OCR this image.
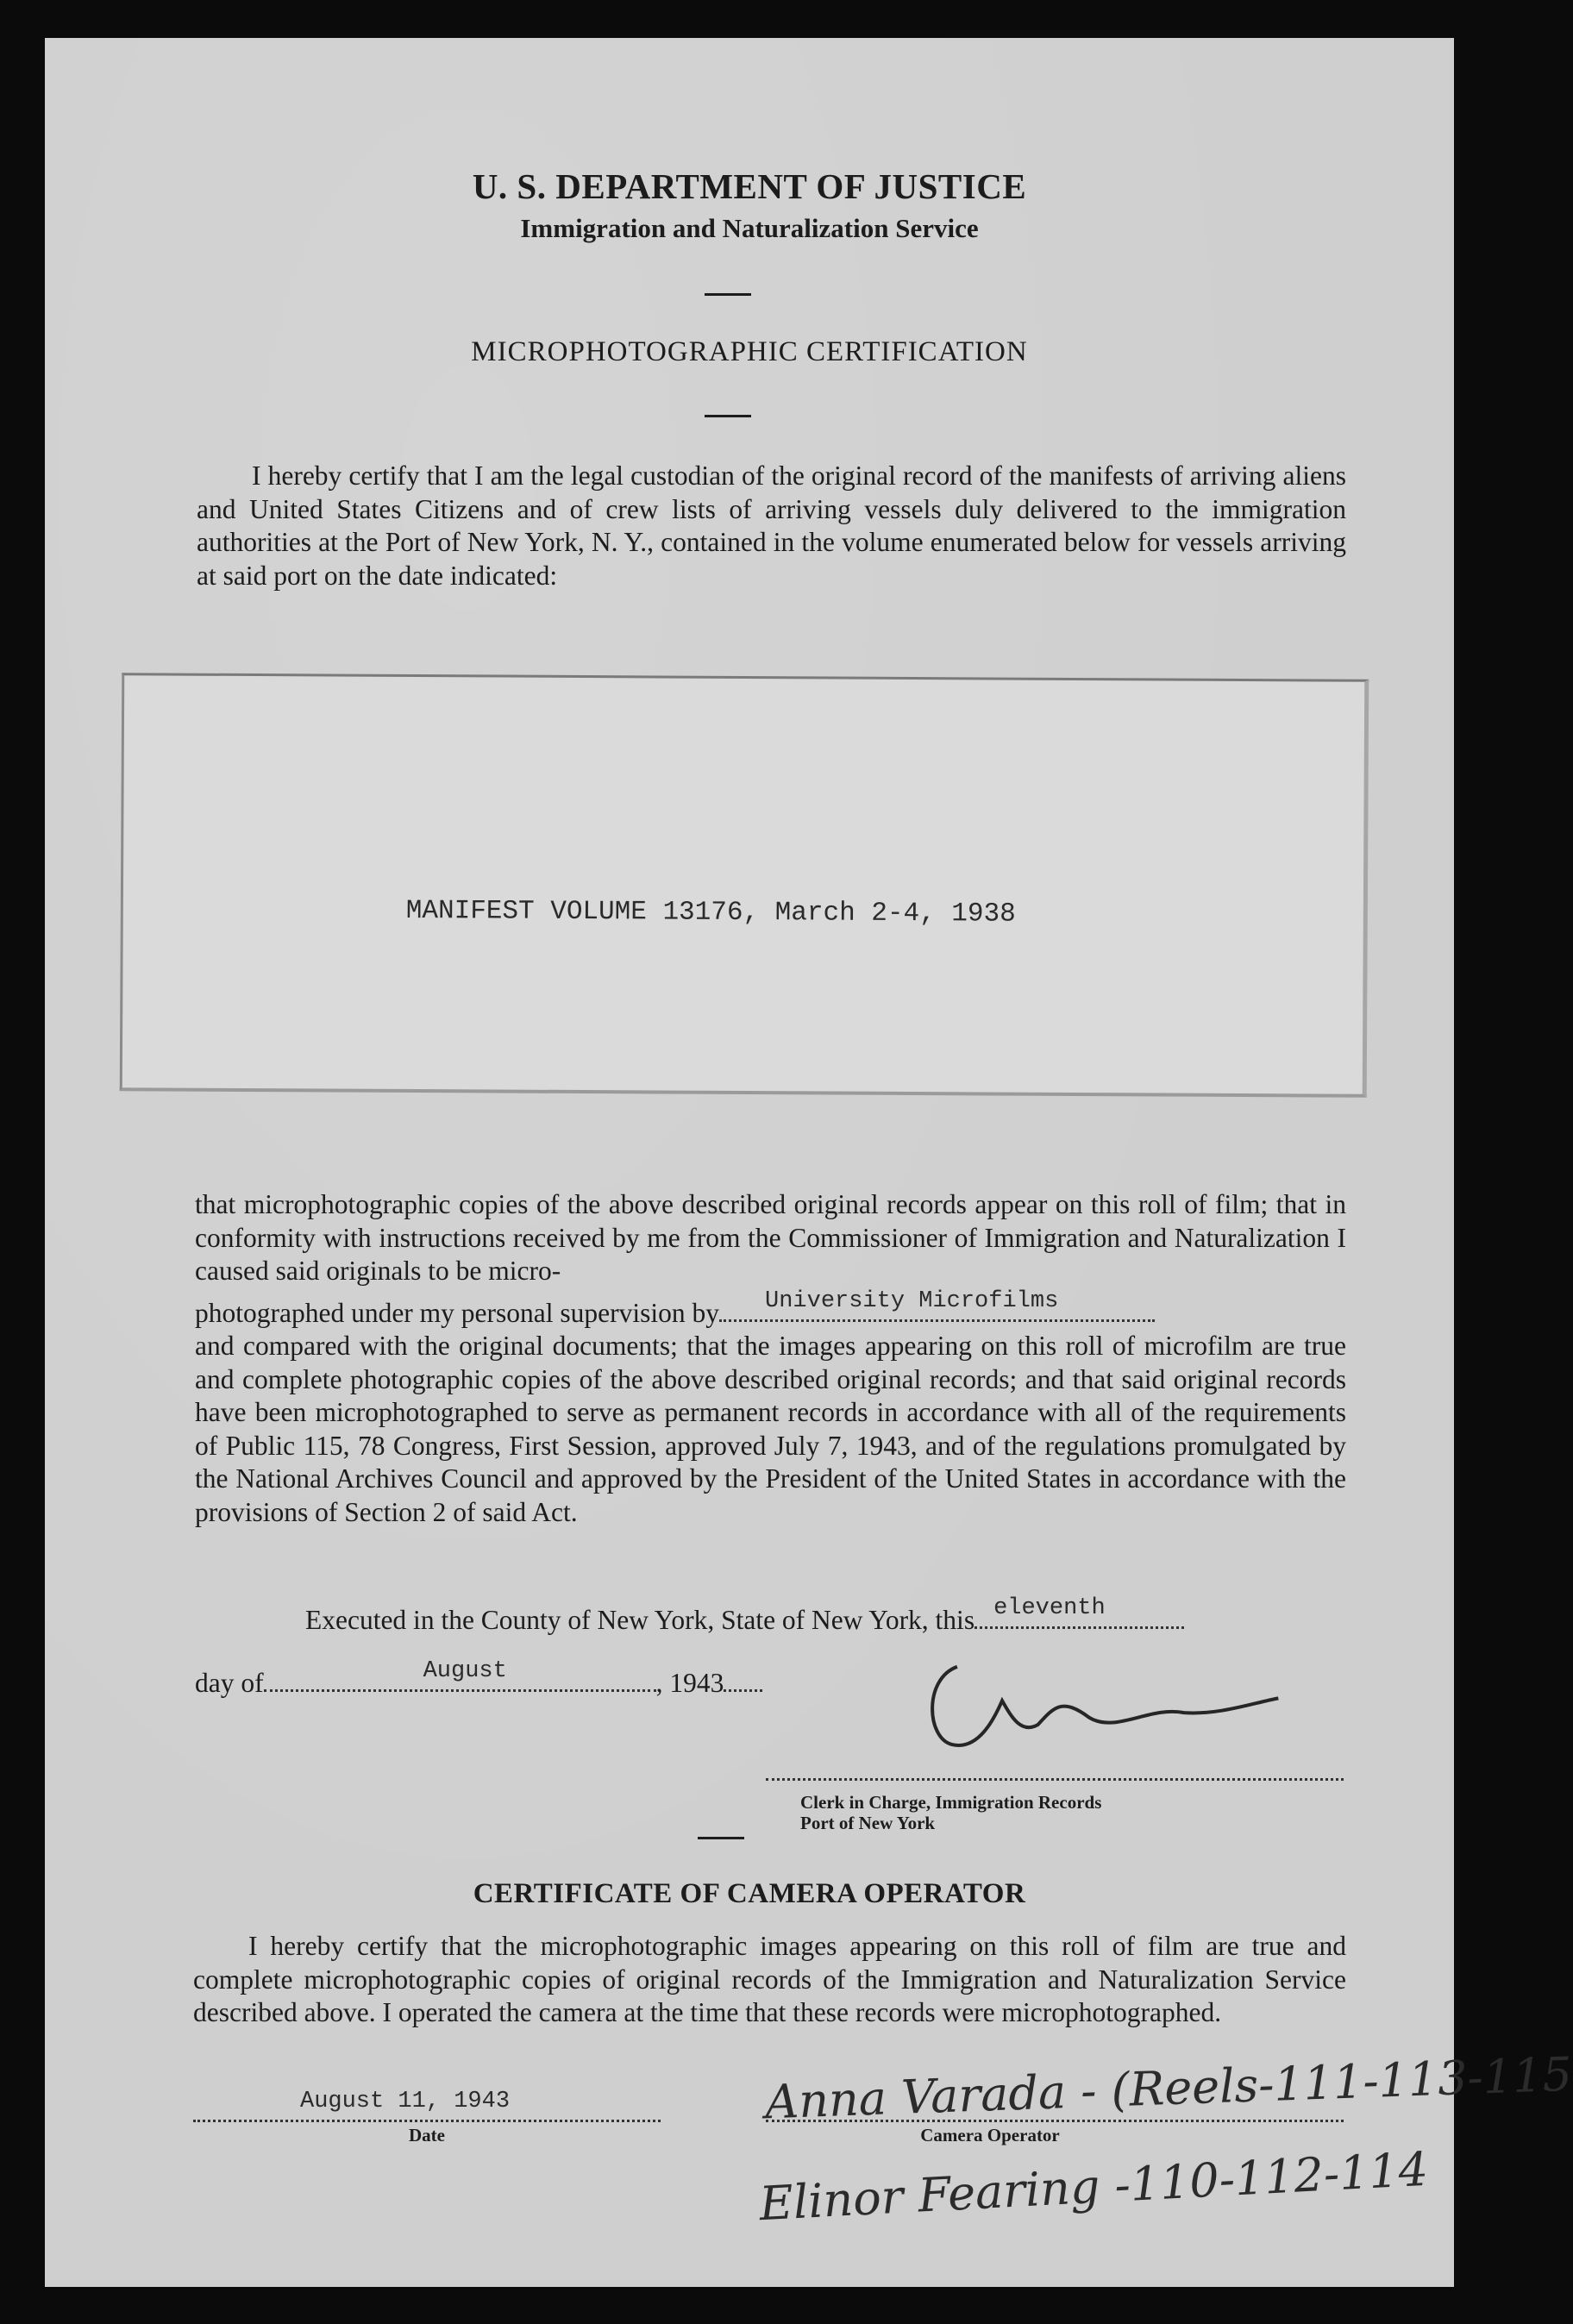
U. S. DEPARTMENT OF JUSTICE
Immigration and Naturalization Service
MICROPHOTOGRAPHIC CERTIFICATION

I hereby certify that I am the legal custodian of the original record of the manifests of arriving aliens and United States Citizens and of crew lists of arriving vessels duly delivered to the immigration authorities at the Port of New York, N. Y., contained in the volume enumerated below for vessels arriving at said port on the date indicated:

MANIFEST VOLUME 13176, March 2-4, 1938

that microphotographic copies of the above described original records appear on this roll of film; that in conformity with instructions received by me from the Commissioner of Immigration and Naturalization I caused said originals to be micro-

photographed under my personal supervision by University Microfilms

and compared with the original documents; that the images appearing on this roll of microfilm are true and complete photographic copies of the above described original records; and that said original records have been microphotographed to serve as permanent records in accordance with all of the requirements of Public 115, 78 Congress, First Session, approved July 7, 1943, and of the regulations promulgated by the National Archives Council and approved by the President of the United States in accordance with the provisions of Section 2 of said Act.

Executed in the County of New York, State of New York, this eleventh
day of	August	, 1943
Clerk in Charge, Immigration Records
Port of New York
CERTIFICATE OF CAMERA OPERATOR

I hereby certify that the microphotographic images appearing on this roll of film are true and complete microphotographic copies of original records of the Immigration and Naturalization Service described above. I operated the camera at the time that these records were microphotographed.

August 11, 1943
Date
Anna Varada - (Reels-111-113-115
Camera Operator
Elinor Fearing -110-112-114
